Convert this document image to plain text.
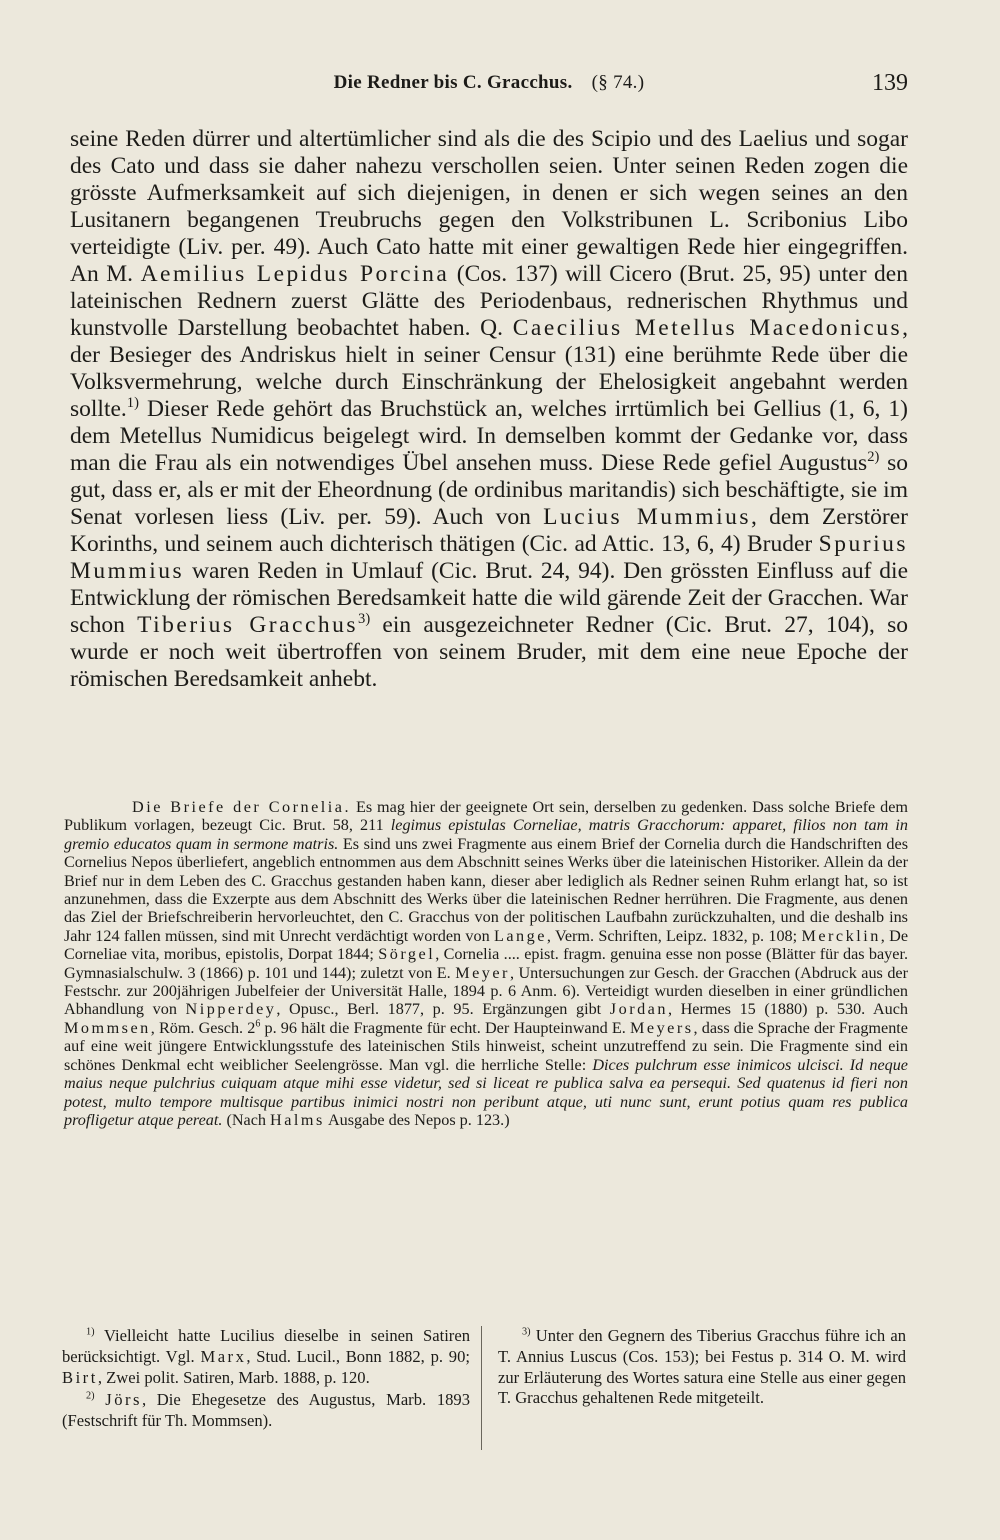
Die Redner bis C. Gracchus. (§ 74.)	139

seine Reden dürrer und altertümlicher sind als die des Scipio und des Laelius und sogar des Cato und dass sie daher nahezu verschollen seien. Unter seinen Reden zogen die grösste Aufmerksamkeit auf sich diejenigen, in denen er sich wegen seines an den Lusitanern begangenen Treubruchs gegen den Volkstribunen L. Scribonius Libo verteidigte (Liv. per. 49). Auch Cato hatte mit einer gewaltigen Rede hier eingegriffen. An M. Aemilius Lepidus Porcina (Cos. 137) will Cicero (Brut. 25, 95) unter den lateinischen Rednern zuerst Glätte des Periodenbaus, rednerischen Rhythmus und kunstvolle Darstellung beobachtet haben. Q. Caecilius Metellus Macedonicus, der Besieger des Andriskus hielt in seiner Censur (131) eine berühmte Rede über die Volksvermehrung, welche durch Einschränkung der Ehelosigkeit angebahnt werden sollte.$^{1)}$ Dieser Rede gehört das Bruchstück an, welches irrtümlich bei Gellius (1, 6, 1) dem Metellus Numidicus beigelegt wird. In demselben kommt der Gedanke vor, dass man die Frau als ein notwendiges Übel ansehen muss. Diese Rede gefiel Augustus$^{2)}$ so gut, dass er, als er mit der Eheordnung (de ordinibus maritandis) sich beschäftigte, sie im Senat vorlesen liess (Liv. per. 59). Auch von Lucius Mummius, dem Zerstörer Korinths, und seinem auch dichterisch thätigen (Cic. ad Attic. 13, 6, 4) Bruder Spurius Mummius waren Reden in Umlauf (Cic. Brut. 24, 94). Den grössten Einfluss auf die Entwicklung der römischen Beredsamkeit hatte die wild gärende Zeit der Gracchen. War schon Tiberius Gracchus$^{3)}$ ein ausgezeichneter Redner (Cic. Brut. 27, 104), so wurde er noch weit übertroffen von seinem Bruder, mit dem eine neue Epoche der römischen Beredsamkeit anhebt.

Die Briefe der Cornelia. Es mag hier der geeignete Ort sein, derselben zu gedenken. Dass solche Briefe dem Publikum vorlagen, bezeugt Cic. Brut. 58, 211 legimus epistulas Corneliae, matris Gracchorum: apparet, filios non tam in gremio educatos quam in sermone matris. Es sind uns zwei Fragmente aus einem Brief der Cornelia durch die Handschriften des Cornelius Nepos überliefert, angeblich entnommen aus dem Abschnitt seines Werks über die lateinischen Historiker. Allein da der Brief nur in dem Leben des C. Gracchus gestanden haben kann, dieser aber lediglich als Redner seinen Ruhm erlangt hat, so ist anzunehmen, dass die Exzerpte aus dem Abschnitt des Werks über die lateinischen Redner herrühren. Die Fragmente, aus denen das Ziel der Briefschreiberin hervorleuchtet, den C. Gracchus von der politischen Laufbahn zurückzuhalten, und die deshalb ins Jahr 124 fallen müssen, sind mit Unrecht verdächtigt worden von Lange, Verm. Schriften, Leipz. 1832, p. 108; Mercklin, De Corneliae vita, moribus, epistolis, Dorpat 1844; Sörgel, Cornelia .... epist. fragm. genuina esse non posse (Blätter für das bayer. Gymnasialschulw. 3 (1866) p. 101 und 144); zuletzt von E. Meyer, Untersuchungen zur Gesch. der Gracchen (Abdruck aus der Festschr. zur 200jährigen Jubelfeier der Universität Halle, 1894 p. 6 Anm. 6). Verteidigt wurden dieselben in einer gründlichen Abhandlung von Nipperdey, Opusc., Berl. 1877, p. 95. Ergänzungen gibt Jordan, Hermes 15 (1880) p. 530. Auch Mommsen, Röm. Gesch. $2^6$ p. 96 hält die Fragmente für echt. Der Haupteinwand E. Meyers, dass die Sprache der Fragmente auf eine weit jüngere Entwicklungsstufe des lateinischen Stils hinweist, scheint unzutreffend zu sein. Die Fragmente sind ein schönes Denkmal echt weiblicher Seelengrösse. Man vgl. die herrliche Stelle: Dices pulchrum esse inimicos ulcisci. Id neque maius neque pulchrius cuiquam atque mihi esse videtur, sed si liceat re publica salva ea persequi. Sed quatenus id fieri non potest, multo tempore multisque partibus inimici nostri non peribunt atque, uti nunc sunt, erunt potius quam res publica profligetur atque pereat. (Nach Halms Ausgabe des Nepos p. 123.)

$^{1)}$ Vielleicht hatte Lucilius dieselbe in seinen Satiren berücksichtigt. Vgl. Marx, Stud. Lucil., Bonn 1882, p. 90; Birt, Zwei polit. Satiren, Marb. 1888, p. 120.

$^{2)}$ Jörs, Die Ehegesetze des Augustus, Marb. 1893 (Festschrift für Th. Mommsen).

$^{3)}$ Unter den Gegnern des Tiberius Gracchus führe ich an T. Annius Luscus (Cos. 153); bei Festus p. 314 O. M. wird zur Erläuterung des Wortes satura eine Stelle aus einer gegen T. Gracchus gehaltenen Rede mitgeteilt.
